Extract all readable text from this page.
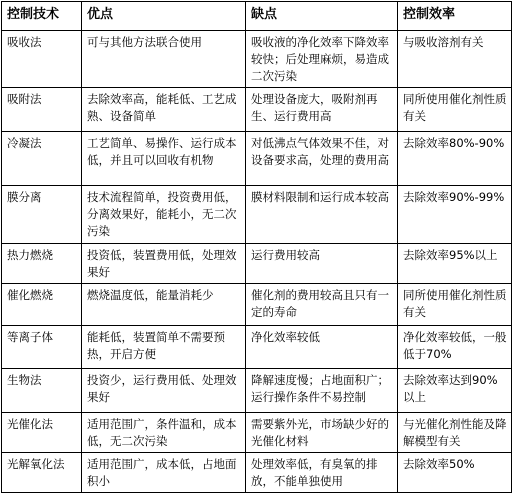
控制技术	优点	缺点	控制效率
吸收法	可与其他方法联合使用	吸收液的净化效率下降效率较快；后处理麻烦，易造成二次污染	与吸收溶剂有关
吸附法	去除效率高，能耗低、工艺成熟、设备简单	处理设备庞大，吸附剂再生、运行费用高	同所使用催化剂性质有关
冷凝法	工艺简单、易操作、运行成本低，并且可以回收有机物	对低沸点气体效果不佳，对设备要求高，处理的费用高	去除效率80%-90%
膜分离	技术流程简单，投资费用低，分离效果好，能耗小，无二次污染	膜材料限制和运行成本较高	去除效率90%-99%
热力燃烧	投资低，装置费用低，处理效果好	运行费用较高	去除效率95%以上
催化燃烧	燃烧温度低，能量消耗少	催化剂的费用较高且只有一定的寿命	同所使用催化剂性质有关
等离子体	能耗低，装置简单不需要预热，开启方便	净化效率较低	净化效率较低，一般低于70%
生物法	投资少，运行费用低、处理效果好	降解速度慢；占地面积广；运行操作条件不易控制	去除效率达到90%以上
光催化法	适用范围广，条件温和，成本低，无二次污染	需要紫外光，市场缺少好的光催化材料	与光催化剂性能及降解模型有关
光解氧化法	适用范围广，成本低，占地面积小	处理效率低，有臭氧的排放，不能单独使用	去除效率50%
